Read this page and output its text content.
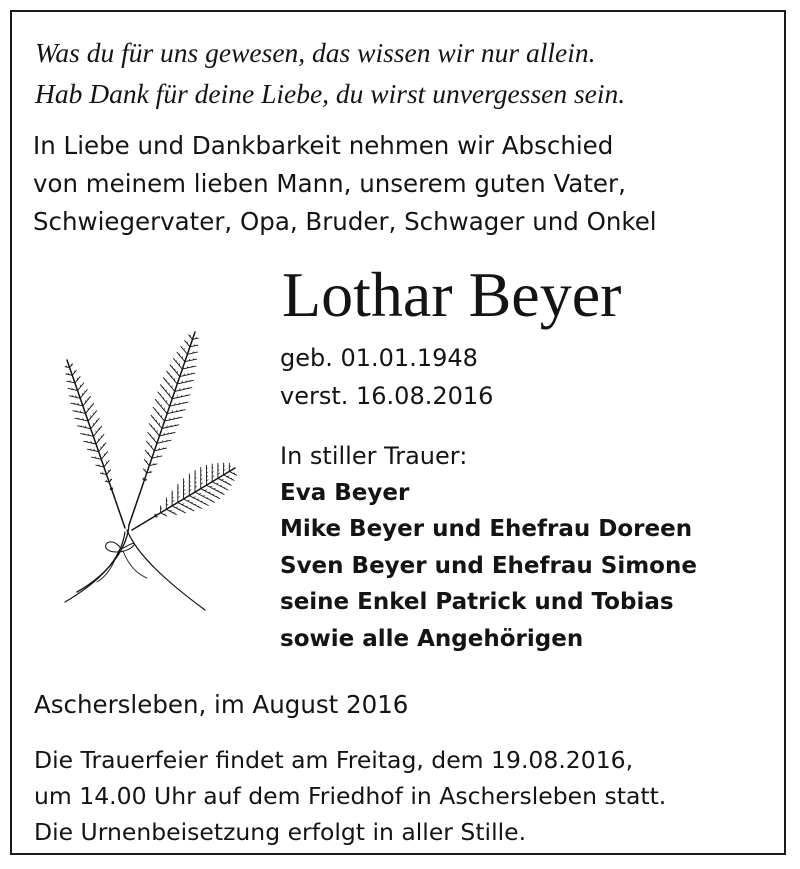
Was du für uns gewesen, das wissen wir nur allein.
Hab Dank für deine Liebe, du wirst unvergessen sein.
In Liebe und Dankbarkeit nehmen wir Abschied
von meinem lieben Mann, unserem guten Vater,
Schwiegervater, Opa, Bruder, Schwager und Onkel
Lothar Beyer
geb. 01.01.1948
verst. 16.08.2016
In stiller Trauer:
Eva Beyer
Mike Beyer und Ehefrau Doreen
Sven Beyer und Ehefrau Simone
seine Enkel Patrick und Tobias
sowie alle Angehörigen
Aschersleben, im August 2016
Die Trauerfeier findet am Freitag, dem 19.08.2016,
um 14.00 Uhr auf dem Friedhof in Aschersleben statt.
Die Urnenbeisetzung erfolgt in aller Stille.
